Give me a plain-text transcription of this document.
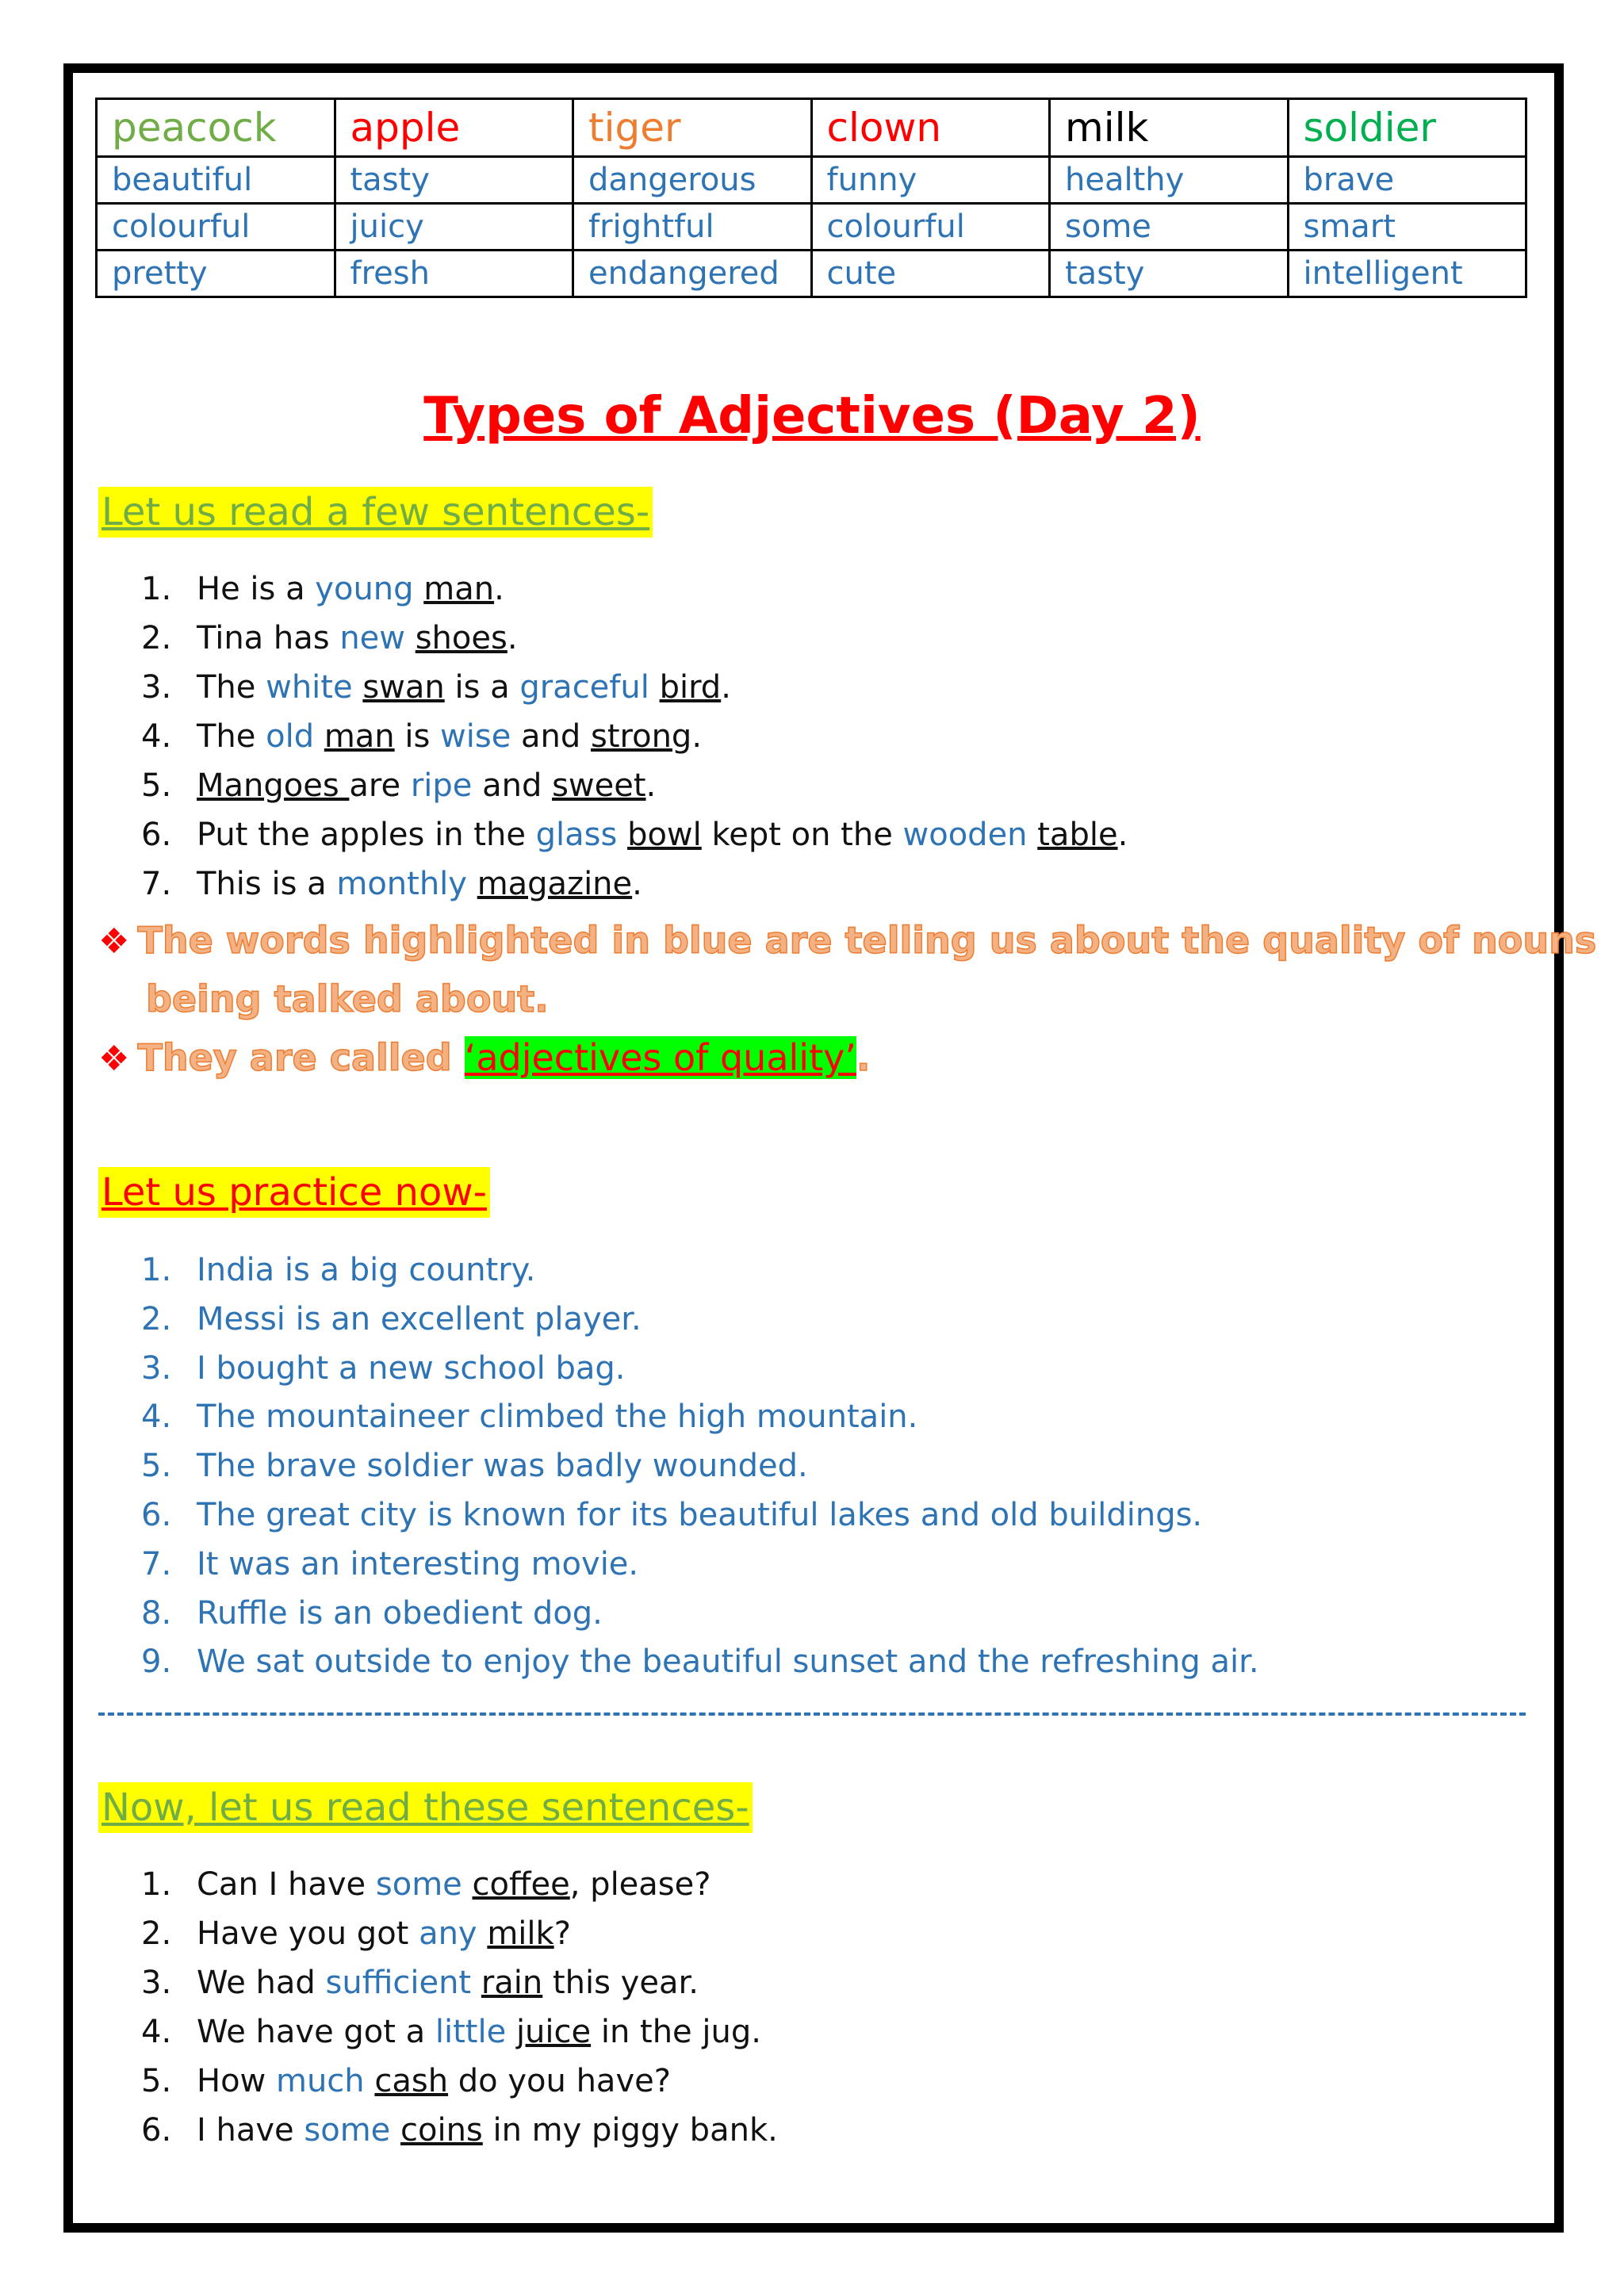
peacock	apple	tiger	clown	milk	soldier
beautiful	tasty	dangerous	funny	healthy	brave
colourful	juicy	frightful	colourful	some	smart
pretty	fresh	endangered	cute	tasty	intelligent
Types of Adjectives (Day 2)
Let us read a few sentences-
1. He is a young man.
2. Tina has new shoes.
3. The white swan is a graceful bird.
4. The old man is wise and strong.
5. Mangoes are ripe and sweet.
6. Put the apples in the glass bowl kept on the wooden table.
7. This is a monthly magazine.
❖ The words highlighted in blue are telling us about the quality of nouns
being talked about.
❖ They are called ‘adjectives of quality’.
Let us practice now-
1. India is a big country.
2. Messi is an excellent player.
3. I bought a new school bag.
4. The mountaineer climbed the high mountain.
5. The brave soldier was badly wounded.
6. The great city is known for its beautiful lakes and old buildings.
7. It was an interesting movie.
8. Ruffle is an obedient dog.
9. We sat outside to enjoy the beautiful sunset and the refreshing air.
Now, let us read these sentences-
1. Can I have some coffee, please?
2. Have you got any milk?
3. We had sufficient rain this year.
4. We have got a little juice in the jug.
5. How much cash do you have?
6. I have some coins in my piggy bank.
